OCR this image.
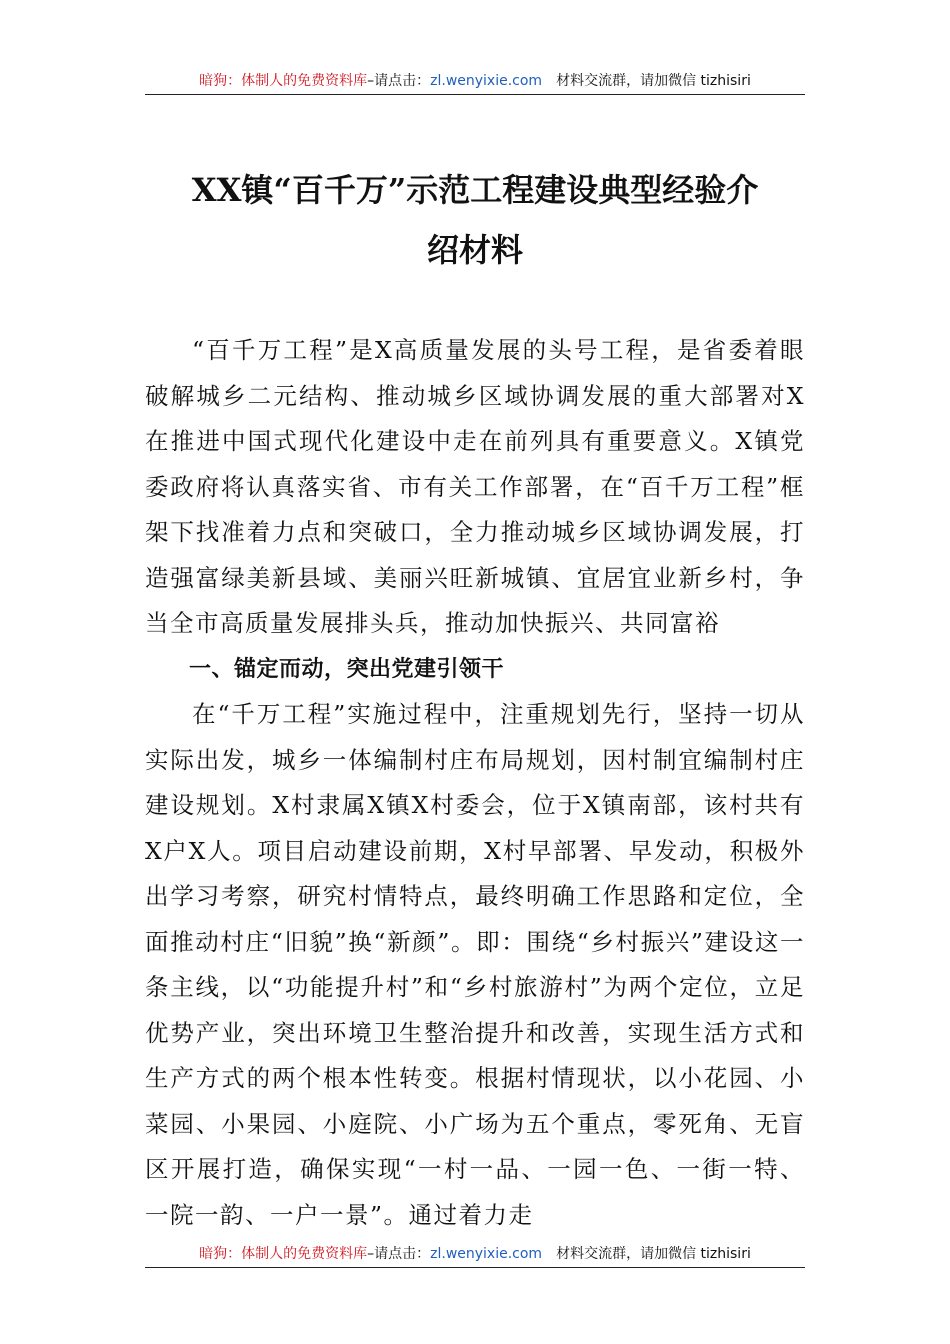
暗狗：体制人的免费资料库–请点击：zl.wenyixie.com 材料交流群，请加微信 tizhisiri
XX镇“百千万”示范工程建设典型经验介
绍材料

“百千万工程”是X高质量发展的头号工程，是省委着眼破解城乡二元结构、推动城乡区域协调发展的重大部署对X在推进中国式现代化建设中走在前列具有重要意义。X镇党委政府将认真落实省、市有关工作部署，在“百千万工程”框架下找准着力点和突破口，全力推动城乡区域协调发展，打造强富绿美新县域、美丽兴旺新城镇、宜居宜业新乡村，争当全市高质量发展排头兵，推动加快振兴、共同富裕

一、锚定而动，突出党建引领干

在“千万工程”实施过程中，注重规划先行，坚持一切从实际出发，城乡一体编制村庄布局规划，因村制宜编制村庄建设规划。X村隶属X镇X村委会，位于X镇南部，该村共有X户X人。项目启动建设前期，X村早部署、早发动，积极外出学习考察，研究村情特点，最终明确工作思路和定位，全面推动村庄“旧貌”换“新颜”。即：围绕“乡村振兴”建设这一条主线，以“功能提升村”和“乡村旅游村”为两个定位，立足优势产业，突出环境卫生整治提升和改善，实现生活方式和生产方式的两个根本性转变。根据村情现状，以小花园、小菜园、小果园、小庭院、小广场为五个重点，零死角、无盲区开展打造，确保实现“一村一品、一园一色、一街一特、一院一韵、一户一景”。通过着力走

暗狗：体制人的免费资料库–请点击：zl.wenyixie.com 材料交流群，请加微信 tizhisiri
